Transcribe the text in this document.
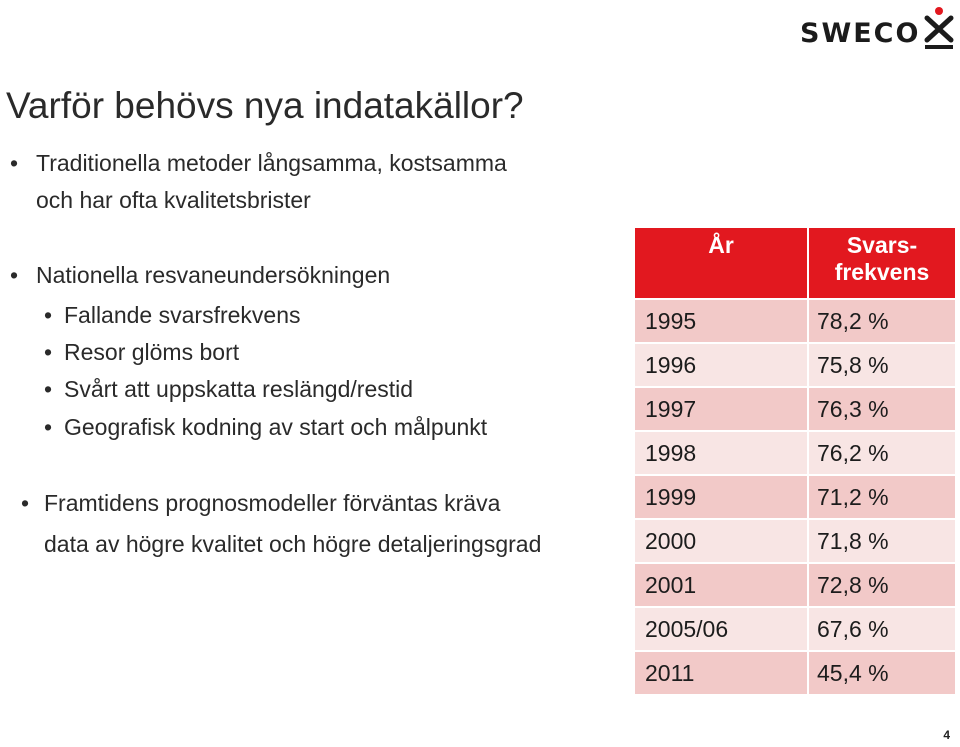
SWECO
Varför behövs nya indatakällor?
• Traditionella metoder långsamma, kostsamma
och har ofta kvalitetsbrister
• Nationella resvaneundersökningen
• Fallande svarsfrekvens
• Resor glöms bort
• Svårt att uppskatta reslängd/restid
• Geografisk kodning av start och målpunkt
• Framtidens prognosmodeller förväntas kräva
data av högre kvalitet och högre detaljeringsgrad
År	Svars-
frekvens

1995	78,2 %
1996	75,8 %
1997	76,3 %
1998	76,2 %
1999	71,2 %
2000	71,8 %
2001	72,8 %
2005/06	67,6 %
2011	45,4 %
4
